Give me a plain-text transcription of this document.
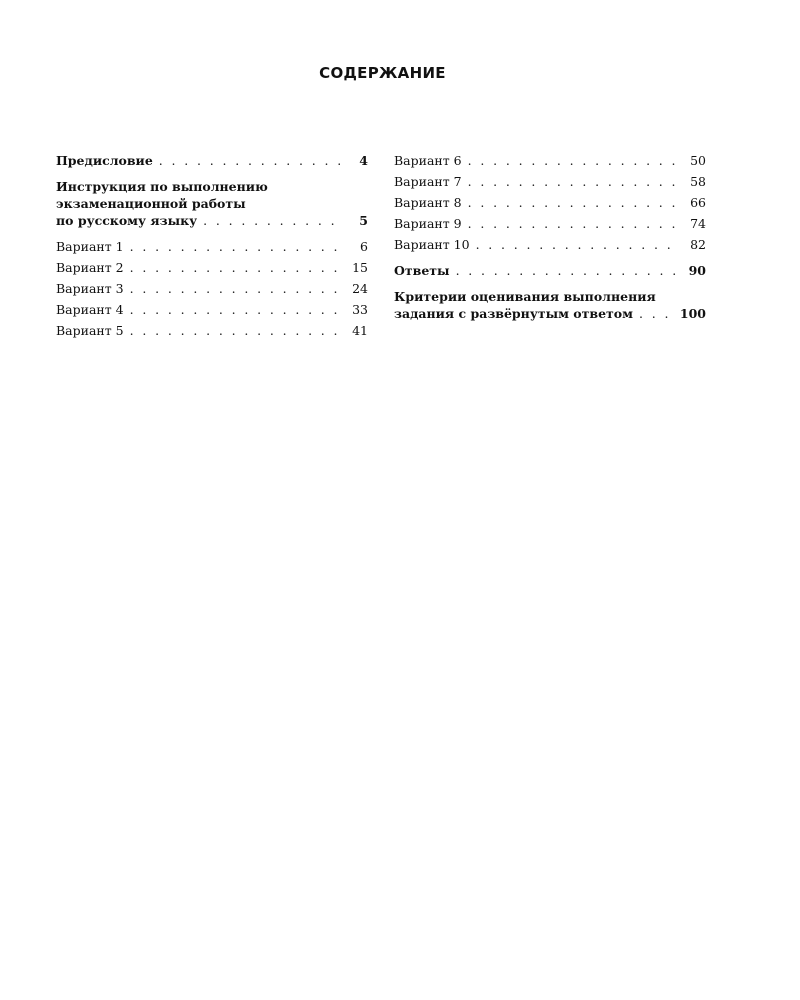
СОДЕРЖАНИЕ
Предисловие . . .	4
Инструкция по выполнению
экзаменационной работы
по русскому языку . . .	5
Вариант 1 . . .	6
Вариант 2 . . .	15
Вариант 3 . . .	24
Вариант 4 . . .	33
Вариант 5 . . .	41
Вариант 6 . . .	50
Вариант 7 . . .	58
Вариант 8 . . .	66
Вариант 9 . . .	74
Вариант 10 . . .	82
Ответы . . .	90
Критерии оценивания выполнения
задания с развёрнутым ответом . . .	100
